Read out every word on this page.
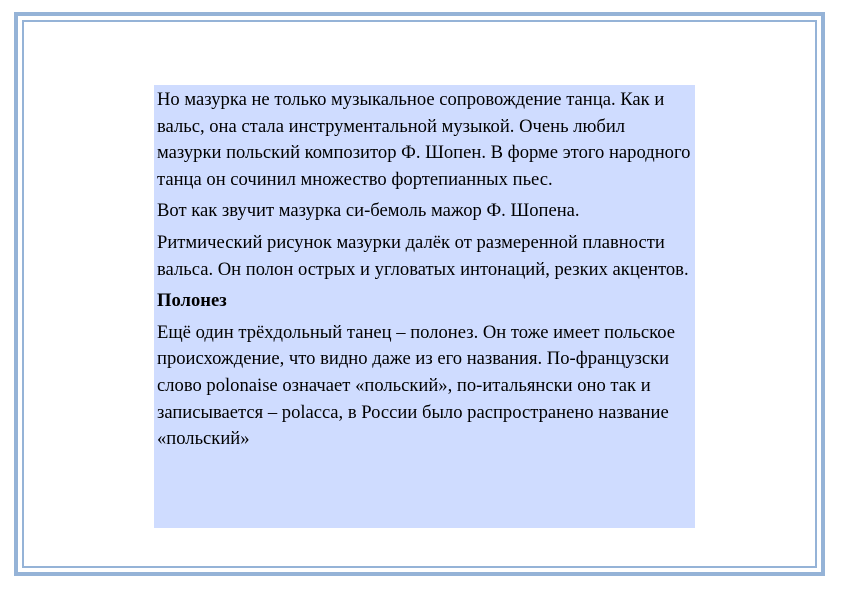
Но мазурка не только музыкальное сопровождение танца. Как и вальс, она стала инструментальной музыкой. Очень любил мазурки польский композитор Ф. Шопен. В форме этого народного танца он сочинил множество фортепианных пьес.

Вот как звучит мазурка си-бемоль мажор Ф. Шопена.

Ритмический рисунок мазурки далёк от размеренной плавности вальса. Он полон острых и угловатых интонаций, резких акцентов.

Полонез

Ещё один трёхдольный танец – полонез. Он тоже имеет польское происхождение, что видно даже из его названия. По-французски слово polonaise означает «польский», по-итальянски оно так и записывается – polacca, в России было распространено название «польский»
